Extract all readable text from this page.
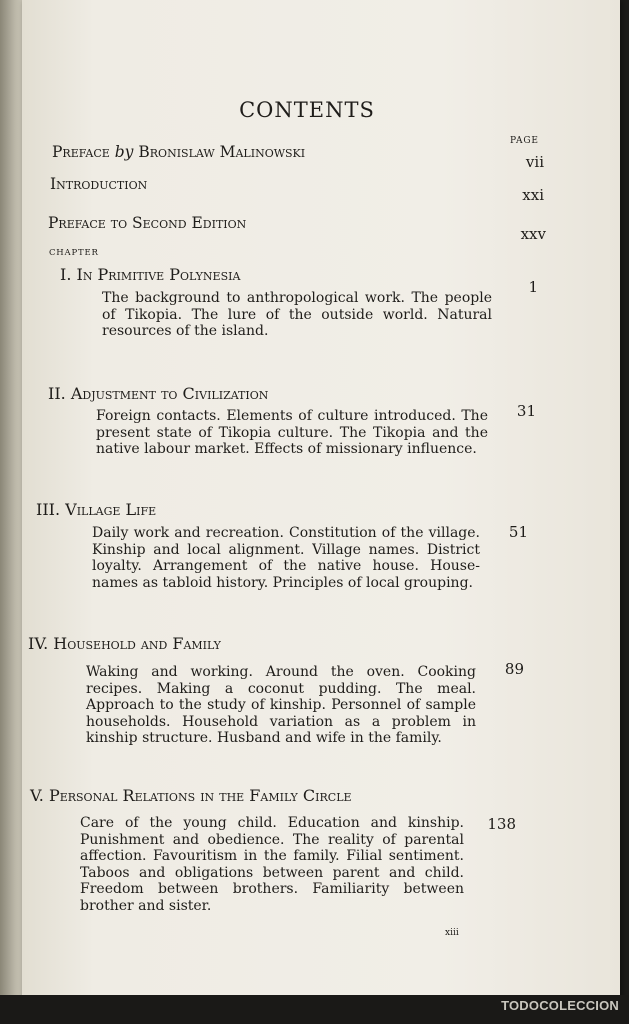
CONTENTS
PAGE
Preface by Bronislaw Malinowski
vii
Introduction
xxi
Preface to Second Edition
xxv
CHAPTER
I. In Primitive Polynesia
1
The background to anthropological work. The people of Tikopia. The lure of the outside world. Natural resources of the island.
II. Adjustment to Civilization
31
Foreign contacts. Elements of culture introduced. The present state of Tikopia culture. The Tikopia and the native labour market. Effects of missionary influence.
III. Village Life
51
Daily work and recreation. Constitution of the village. Kinship and local alignment. Village names. District loyalty. Arrangement of the native house. House-names as tabloid history. Principles of local grouping.
IV. Household and Family
89
Waking and working. Around the oven. Cooking recipes. Making a coconut pudding. The meal. Approach to the study of kinship. Personnel of sample households. Household variation as a problem in kinship structure. Husband and wife in the family.
V. Personal Relations in the Family Circle
138
Care of the young child. Education and kinship. Punishment and obedience. The reality of parental affection. Favouritism in the family. Filial sentiment. Taboos and obligations between parent and child. Freedom between brothers. Familiarity between brother and sister.
xiii
TODOCOLECCION
